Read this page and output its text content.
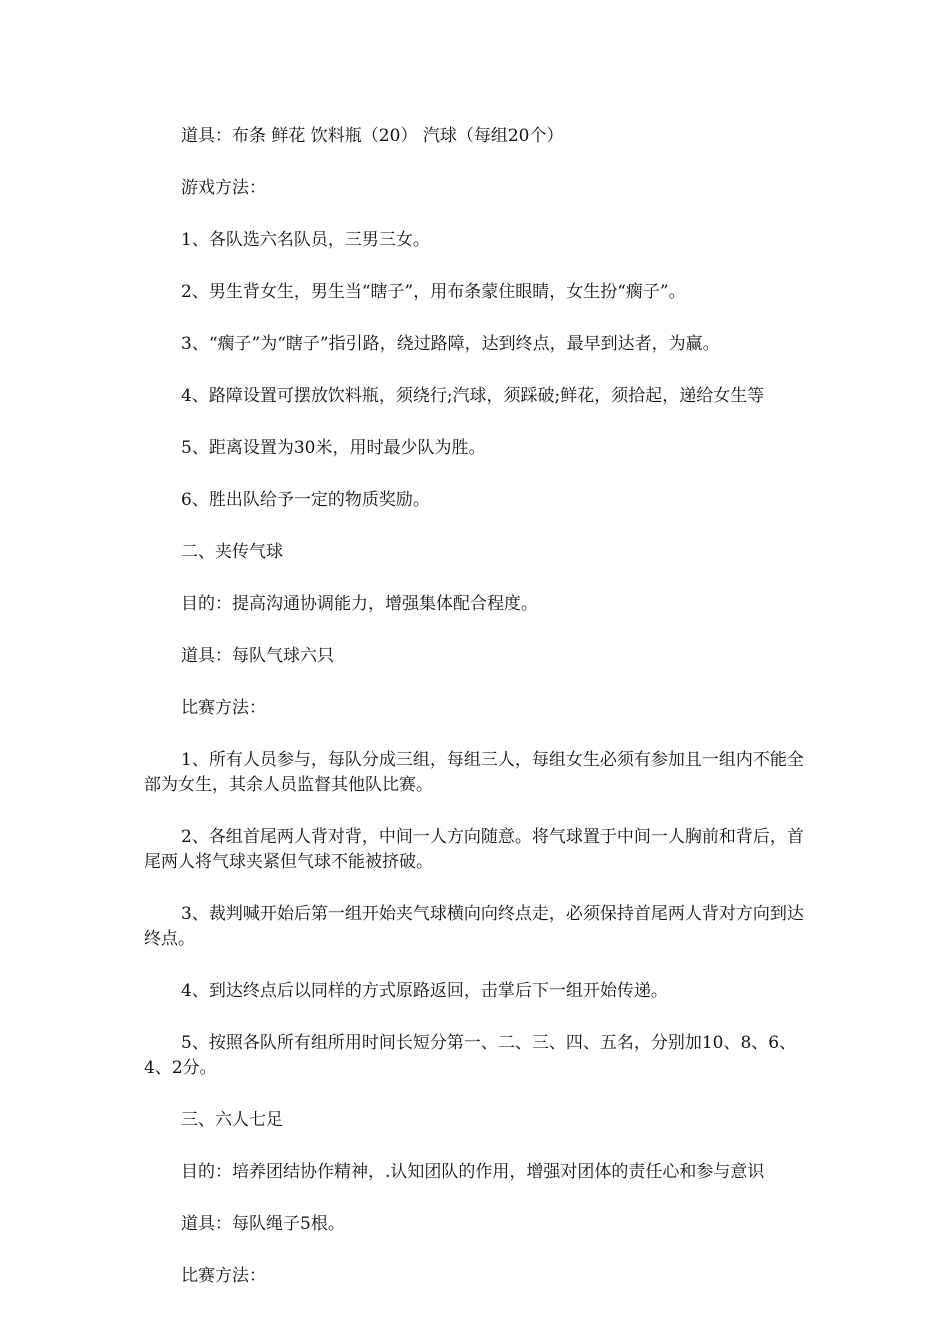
道具：布条 鲜花 饮料瓶（20） 汽球（每组20个）

游戏方法：

1、各队选六名队员，三男三女。

2、男生背女生，男生当“瞎子”，用布条蒙住眼睛，女生扮“瘸子”。

3、“瘸子”为“瞎子”指引路，绕过路障，达到终点，最早到达者，为赢。

4、路障设置可摆放饮料瓶，须绕行;汽球，须踩破;鲜花，须拾起，递给女生等

5、距离设置为30米，用时最少队为胜。

6、胜出队给予一定的物质奖励。

二、夹传气球

目的：提高沟通协调能力，增强集体配合程度。

道具：每队气球六只

比赛方法：

1、所有人员参与，每队分成三组，每组三人，每组女生必须有参加且一组内不能全部为女生，其余人员监督其他队比赛。

2、各组首尾两人背对背，中间一人方向随意。将气球置于中间一人胸前和背后，首尾两人将气球夹紧但气球不能被挤破。

3、裁判喊开始后第一组开始夹气球横向向终点走，必须保持首尾两人背对方向到达终点。

4、到达终点后以同样的方式原路返回，击掌后下一组开始传递。

5、按照各队所有组所用时间长短分第一、二、三、四、五名，分别加10、8、6、4、2分。

三、六人七足

目的：培养团结协作精神，.认知团队的作用，增强对团体的责任心和参与意识

道具：每队绳子5根。

比赛方法：
